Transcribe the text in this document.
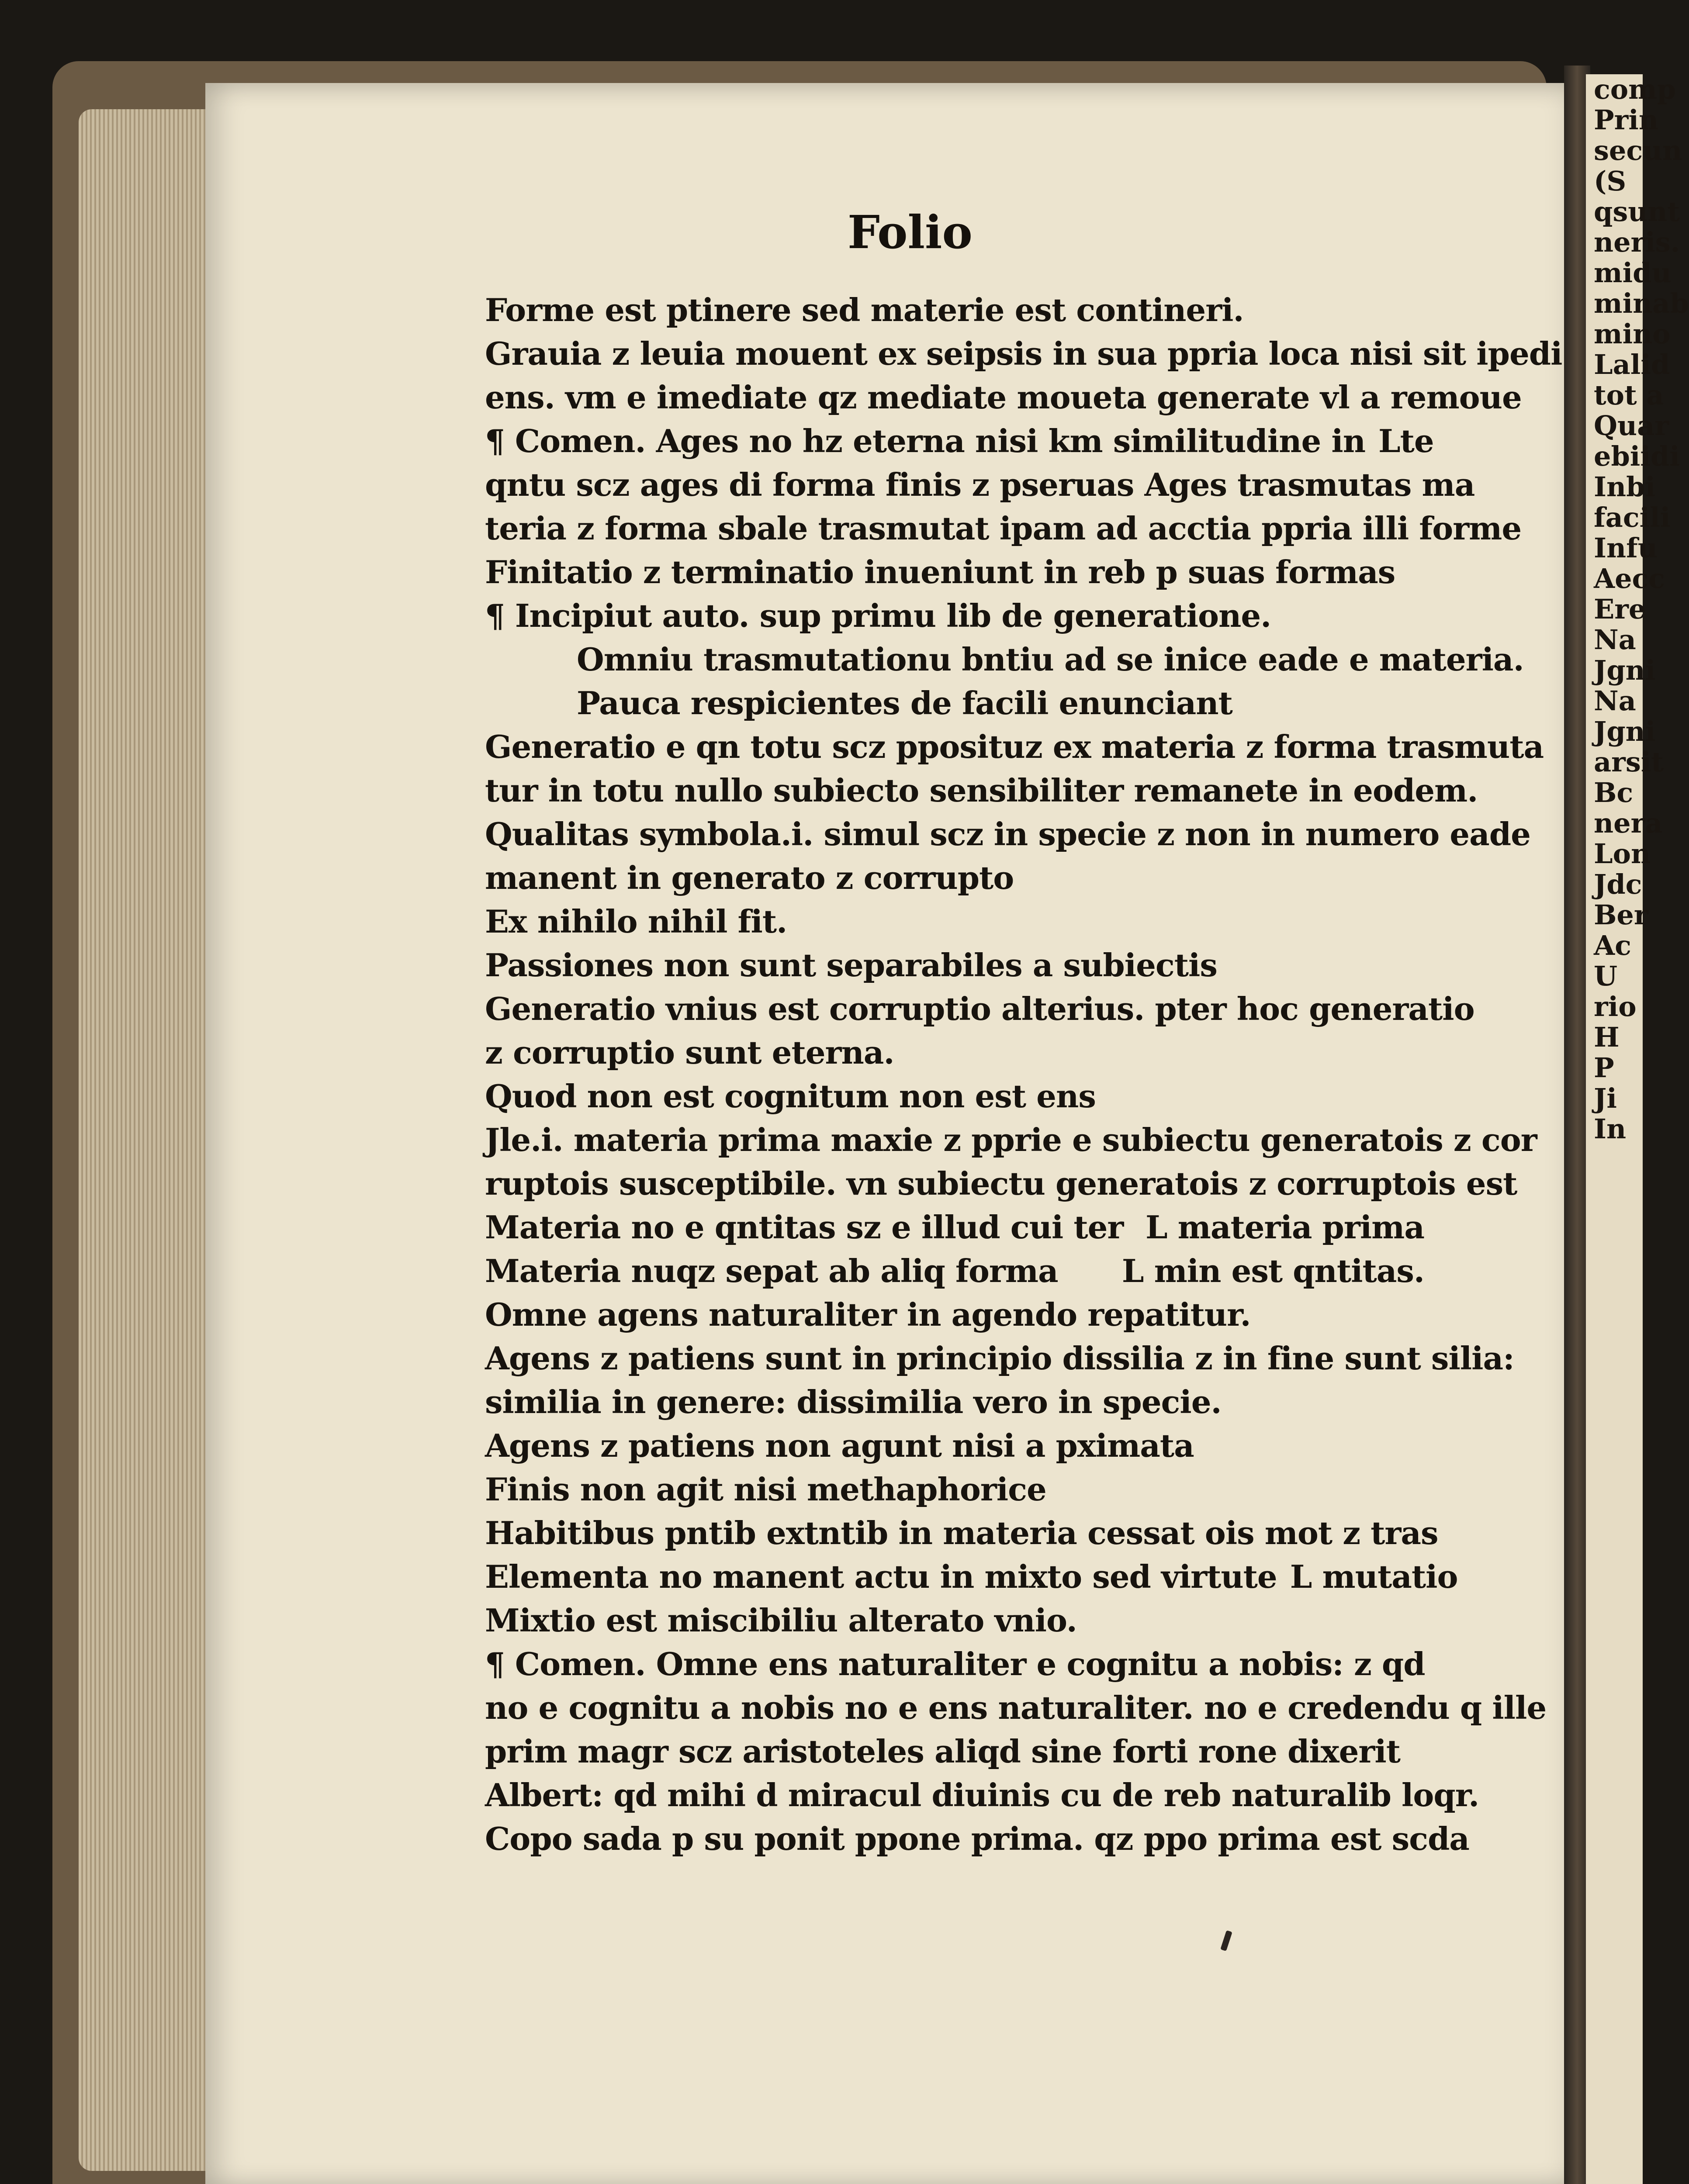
comp
Prin
secun
(S
qsunt
neris.
midu
minab
mino
Lalid
tot a
Quar
ebiidi
Inbi
facili
Infu
Aecc
Ere
Na
Jgni
Na
Jgni
arsit
Bc
nera
Lon
Jdc
Ber
Ac
U
rio
H
P
Ji
In
Folio
Forme est ptinere sed materie est contineri.
Grauia z leuia mouent ex seipsis in sua ppria loca nisi sit ipedi
ens. vm e imediate qz mediate moueta generate vl a remoue
¶ Comen. Ages no hz eterna nisi km similitudine in Lte
qntu scz ages di forma finis z pseruas Ages trasmutas ma
teria z forma sbale trasmutat ipam ad acctia ppria illi forme
Finitatio z terminatio inueniunt in reb p suas formas
¶ Incipiut auto. sup primu lib de generatione.
Omniu trasmutationu bntiu ad se inice eade e materia.
Pauca respicientes de facili enunciant
Generatio e qn totu scz pposituz ex materia z forma trasmuta
tur in totu nullo subiecto sensibiliter remanete in eodem.
Qualitas symbola.i. simul scz in specie z non in numero eade
manent in generato z corrupto
Ex nihilo nihil fit.
Passiones non sunt separabiles a subiectis
Generatio vnius est corruptio alterius. pter hoc generatio
z corruptio sunt eterna.
Quod non est cognitum non est ens
Jle.i. materia prima maxie z pprie e subiectu generatois z cor
ruptois susceptibile. vn subiectu generatois z corruptois est
Materia no e qntitas sz e illud cui ter L materia prima
Materia nuqz sepat ab aliq forma	L min est qntitas.
Omne agens naturaliter in agendo repatitur.
Agens z patiens sunt in principio dissilia z in fine sunt silia:
similia in genere: dissimilia vero in specie.
Agens z patiens non agunt nisi a pximata
Finis non agit nisi methaphorice
Habitibus pntib extntib in materia cessat ois mot z tras
Elementa no manent actu in mixto sed virtute L mutatio
Mixtio est miscibiliu alterato vnio.
¶ Comen. Omne ens naturaliter e cognitu a nobis: z qd
no e cognitu a nobis no e ens naturaliter. no e credendu q ille
prim magr scz aristoteles aliqd sine forti rone dixerit
Albert: qd mihi d miracul diuinis cu de reb naturalib loqr.
Copo sada p su ponit ppone prima. qz ppo prima est scda
